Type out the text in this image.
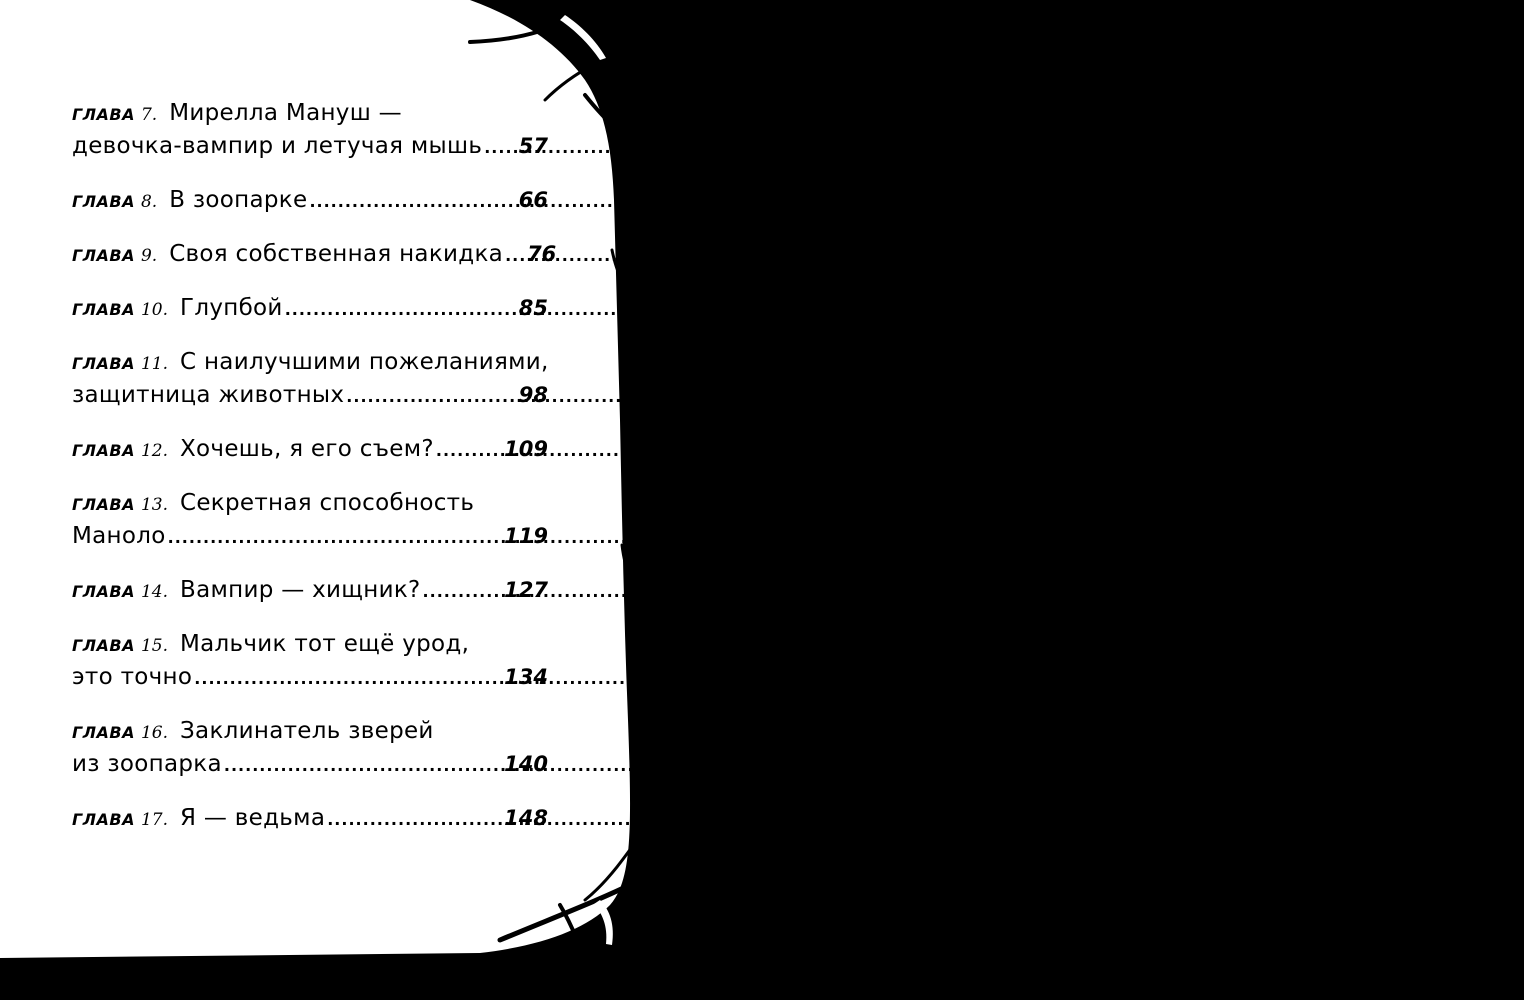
ГЛАВА 7. Мирелла Мануш —
девочка-вампир и летучая мышь ..... 57
ГЛАВА 8. В зоопарке .....	66
ГЛАВА 9. Своя собственная накидка ..... 76
ГЛАВА 10. Глупбой .....	85
ГЛАВА 11. С наилучшими пожеланиями,
защитница животных .....	98
ГЛАВА 12. Хочешь, я его съем? .....	109
ГЛАВА 13. Секретная способность
Маноло .....	119
ГЛАВА 14. Вампир — хищник? .....	127
ГЛАВА 15. Мальчик тот ещё урод,
это точно .....	134
ГЛАВА 16. Заклинатель зверей
из зоопарка .....	140
ГЛАВА 17. Я — ведьма .....	148
